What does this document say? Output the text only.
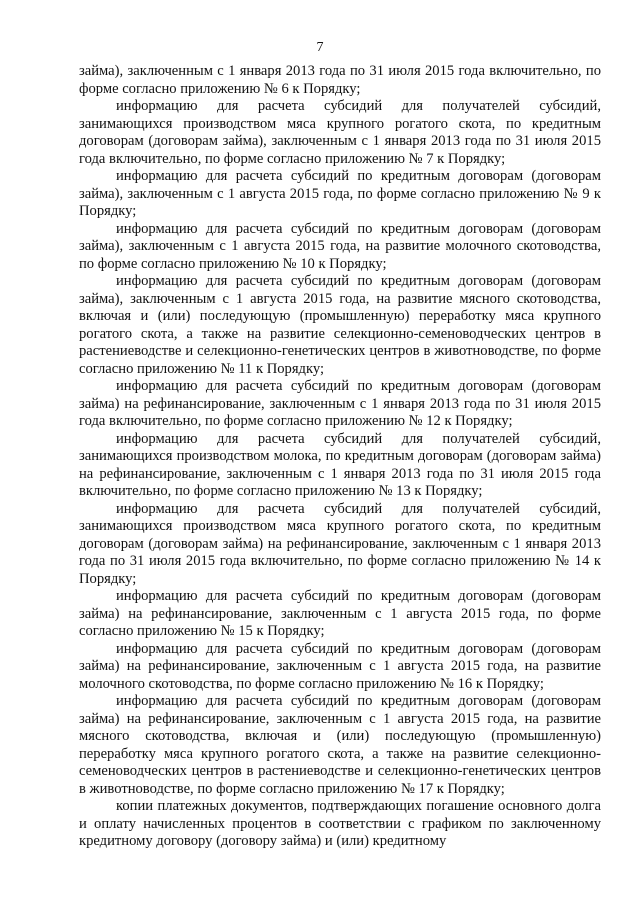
7

займа), заключенным с 1 января 2013 года по 31 июля 2015 года включительно, по форме согласно приложению № 6 к Порядку;

информацию для расчета субсидий для получателей субсидий, занимающихся производством мяса крупного рогатого скота, по кредитным договорам (договорам займа), заключенным с 1 января 2013 года по 31 июля 2015 года включительно, по форме согласно приложению № 7 к Порядку;

информацию для расчета субсидий по кредитным договорам (договорам займа), заключенным с 1 августа 2015 года, по форме согласно приложению № 9 к Порядку;

информацию для расчета субсидий по кредитным договорам (договорам займа), заключенным с 1 августа 2015 года, на развитие молочного скотоводства, по форме согласно приложению № 10 к Порядку;

информацию для расчета субсидий по кредитным договорам (договорам займа), заключенным с 1 августа 2015 года, на развитие мясного скотоводства, включая и (или) последующую (промышленную) переработку мяса крупного рогатого скота, а также на развитие селекционно-семеноводческих центров в растениеводстве и селекционно-генетических центров в животноводстве, по форме согласно приложению № 11 к Порядку;

информацию для расчета субсидий по кредитным договорам (договорам займа) на рефинансирование, заключенным с 1 января 2013 года по 31 июля 2015 года включительно, по форме согласно приложению № 12 к Порядку;

информацию для расчета субсидий для получателей субсидий, занимающихся производством молока, по кредитным договорам (договорам займа) на рефинансирование, заключенным с 1 января 2013 года по 31 июля 2015 года включительно, по форме согласно приложению № 13 к Порядку;

информацию для расчета субсидий для получателей субсидий, занимающихся производством мяса крупного рогатого скота, по кредитным договорам (договорам займа) на рефинансирование, заключенным с 1 января 2013 года по 31 июля 2015 года включительно, по форме согласно приложению № 14 к Порядку;

информацию для расчета субсидий по кредитным договорам (договорам займа) на рефинансирование, заключенным с 1 августа 2015 года, по форме согласно приложению № 15 к Порядку;

информацию для расчета субсидий по кредитным договорам (договорам займа) на рефинансирование, заключенным с 1 августа 2015 года, на развитие молочного скотоводства, по форме согласно приложению № 16 к Порядку;

информацию для расчета субсидий по кредитным договорам (договорам займа) на рефинансирование, заключенным с 1 августа 2015 года, на развитие мясного скотоводства, включая и (или) последующую (промышленную) переработку мяса крупного рогатого скота, а также на развитие селекционно-семеноводческих центров в растениеводстве и селекционно-генетических центров в животноводстве, по форме согласно приложению № 17 к Порядку;

копии платежных документов, подтверждающих погашение основного долга и оплату начисленных процентов в соответствии с графиком по заключенному кредитному договору (договору займа) и (или) кредитному
